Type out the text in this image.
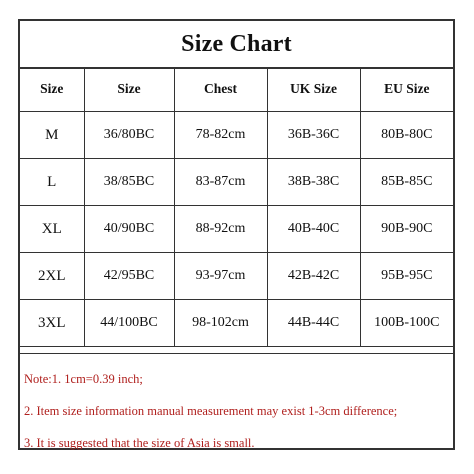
Size Chart
Size	Size	Chest	UK Size	EU Size
M	36/80BC	78-82cm	36B-36C	80B-80C
L	38/85BC	83-87cm	38B-38C	85B-85C
XL	40/90BC	88-92cm	40B-40C	90B-90C
2XL	42/95BC	93-97cm	42B-42C	95B-95C
3XL	44/100BC	98-102cm	44B-44C	100B-100C
Note:1. 1cm=0.39 inch;
2. Item size information manual measurement may exist 1-3cm difference;
3. It is suggested that the size of Asia is small.
